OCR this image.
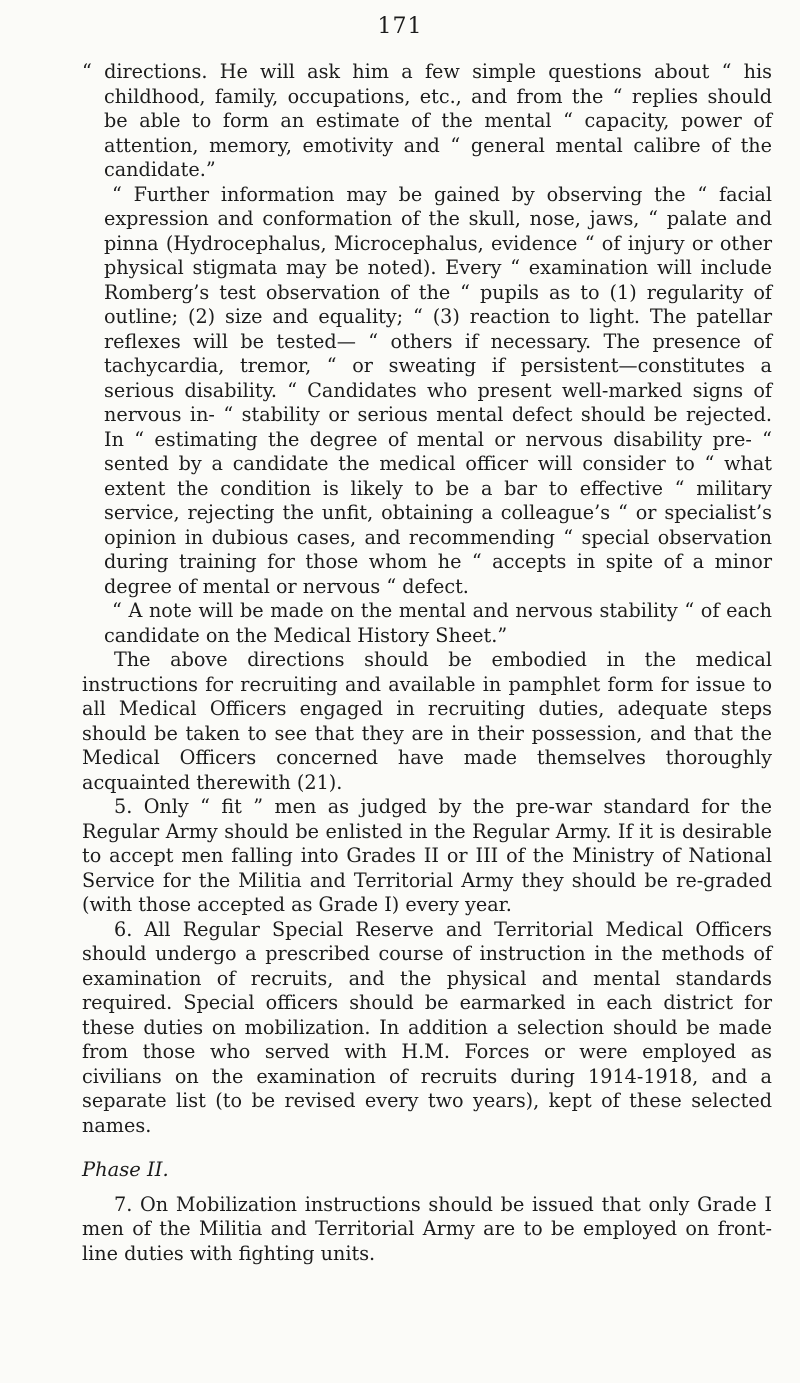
171

“ directions. He will ask him a few simple questions about “ his childhood, family, occupations, etc., and from the “ replies should be able to form an estimate of the mental “ capacity, power of attention, memory, emotivity and “ general mental calibre of the candidate.”

“ Further information may be gained by observing the “ facial expression and conformation of the skull, nose, jaws, “ palate and pinna (Hydrocephalus, Microcephalus, evidence “ of injury or other physical stigmata may be noted). Every “ examination will include Romberg’s test observation of the “ pupils as to (1) regularity of outline; (2) size and equality; “ (3) reaction to light. The patellar reflexes will be tested— “ others if necessary. The presence of tachycardia, tremor, “ or sweating if persistent—constitutes a serious disability. “ Candidates who present well-marked signs of nervous in- “ stability or serious mental defect should be rejected. In “ estimating the degree of mental or nervous disability pre- “ sented by a candidate the medical officer will consider to “ what extent the condition is likely to be a bar to effective “ military service, rejecting the unfit, obtaining a colleague’s “ or specialist’s opinion in dubious cases, and recommending “ special observation during training for those whom he “ accepts in spite of a minor degree of mental or nervous “ defect.

“ A note will be made on the mental and nervous stability “ of each candidate on the Medical History Sheet.”

The above directions should be embodied in the medical instructions for recruiting and available in pamphlet form for issue to all Medical Officers engaged in recruiting duties, adequate steps should be taken to see that they are in their possession, and that the Medical Officers concerned have made themselves thoroughly acquainted therewith (21).

5. Only “ fit ” men as judged by the pre-war standard for the Regular Army should be enlisted in the Regular Army. If it is desirable to accept men falling into Grades II or III of the Ministry of National Service for the Militia and Territorial Army they should be re-graded (with those accepted as Grade I) every year.

6. All Regular Special Reserve and Territorial Medical Officers should undergo a prescribed course of instruction in the methods of examination of recruits, and the physical and mental standards required. Special officers should be earmarked in each district for these duties on mobilization. In addition a selection should be made from those who served with H.M. Forces or were employed as civilians on the examination of recruits during 1914-1918, and a separate list (to be revised every two years), kept of these selected names.

Phase II.

7. On Mobilization instructions should be issued that only Grade I men of the Militia and Territorial Army are to be employed on front-line duties with fighting units.
